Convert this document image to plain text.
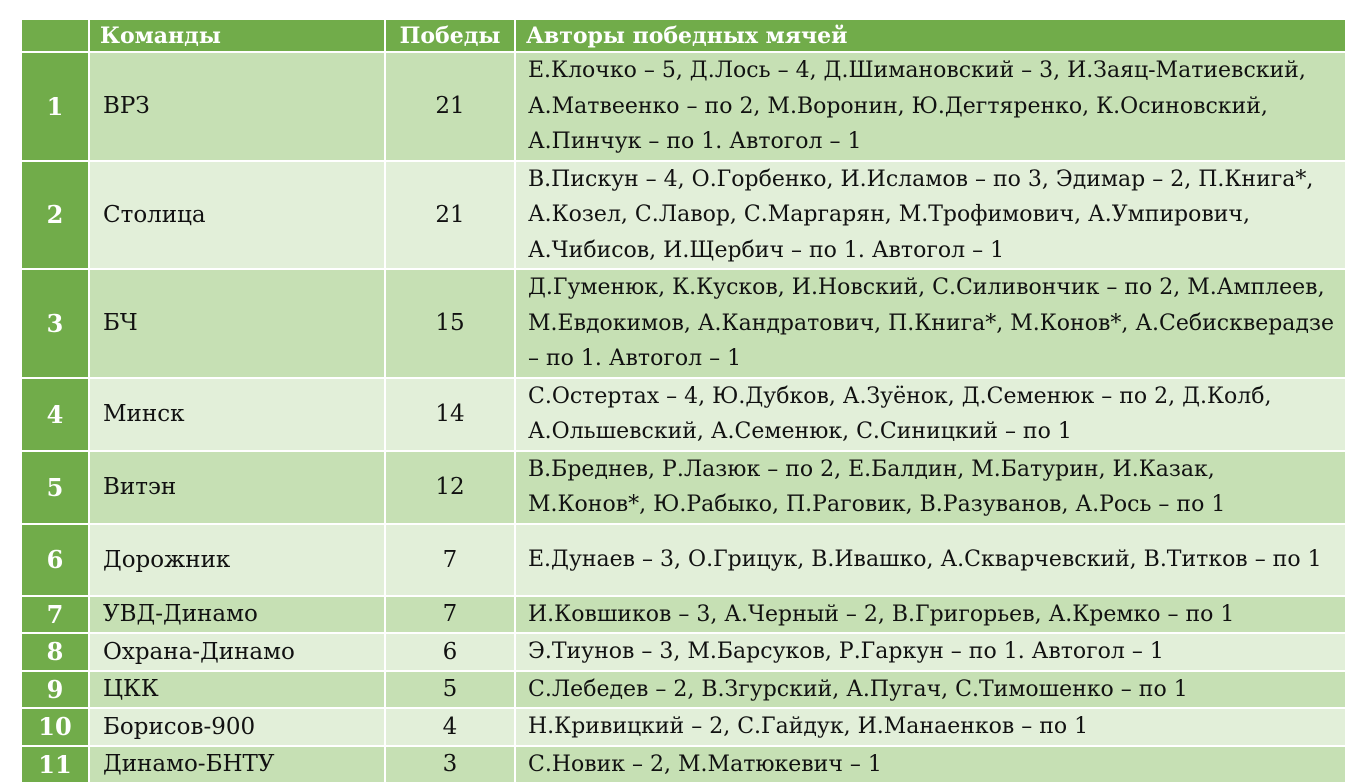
	Команды	Победы	Авторы победных мячей
1	ВРЗ	21	Е.Клочко – 5, Д.Лось – 4, Д.Шимановский – 3, И.Заяц-Матиевский, А.Матвеенко – по 2, М.Воронин, Ю.Дегтяренко, К.Осиновский, А.Пинчук – по 1. Автогол – 1
2	Столица	21	В.Пискун – 4, О.Горбенко, И.Исламов – по 3, Эдимар – 2, П.Книга*, А.Козел, С.Лавор, С.Маргарян, М.Трофимович, А.Умпирович, А.Чибисов, И.Щербич – по 1. Автогол – 1
3	БЧ	15	Д.Гуменюк, К.Кусков, И.Новский, С.Силивончик – по 2, М.Амплеев, М.Евдокимов, А.Кандратович, П.Книга*, М.Конов*, А.Себискверадзе – по 1. Автогол – 1
4	Минск	14	С.Остертах – 4, Ю.Дубков, А.Зуёнок, Д.Семенюк – по 2, Д.Колб, А.Ольшевский, А.Семенюк, С.Синицкий – по 1
5	Витэн	12	В.Бреднев, Р.Лазюк – по 2, Е.Балдин, М.Батурин, И.Казак, М.Конов*, Ю.Рабыко, П.Раговик, В.Разуванов, А.Рось – по 1
6	Дорожник	7	Е.Дунаев – 3, О.Грицук, В.Ивашко, А.Скварчевский, В.Титков – по 1
7	УВД-Динамо	7	И.Ковшиков – 3, А.Черный – 2, В.Григорьев, А.Кремко – по 1
8	Охрана-Динамо	6	Э.Тиунов – 3, М.Барсуков, Р.Гаркун – по 1. Автогол – 1
9	ЦКК	5	С.Лебедев – 2, В.Згурский, А.Пугач, С.Тимошенко – по 1
10	Борисов-900	4	Н.Кривицкий – 2, С.Гайдук, И.Манаенков – по 1
11	Динамо-БНТУ	3	С.Новик – 2, М.Матюкевич – 1
